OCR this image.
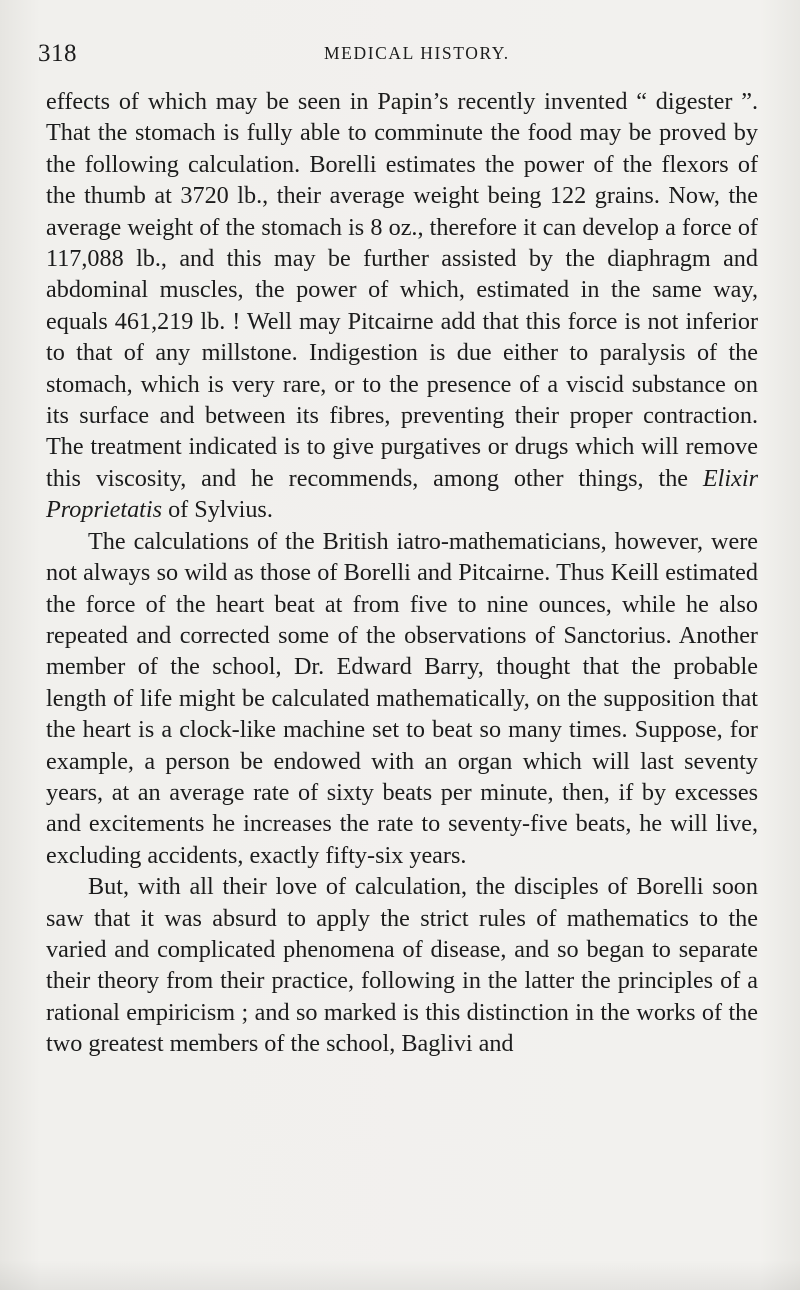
318	MEDICAL HISTORY.

effects of which may be seen in Papin’s recently invented “ digester ”. That the stomach is fully able to comminute the food may be proved by the following calculation. Borelli estimates the power of the flexors of the thumb at 3720 lb., their average weight being 122 grains. Now, the average weight of the stomach is 8 oz., therefore it can develop a force of 117,088 lb., and this may be further assisted by the diaphragm and abdominal muscles, the power of which, estimated in the same way, equals 461,219 lb. ! Well may Pitcairne add that this force is not inferior to that of any millstone. Indigestion is due either to paralysis of the stomach, which is very rare, or to the presence of a viscid substance on its surface and between its fibres, preventing their proper contraction. The treatment indicated is to give purgatives or drugs which will remove this viscosity, and he recommends, among other things, the Elixir Proprietatis of Sylvius.

The calculations of the British iatro-mathematicians, however, were not always so wild as those of Borelli and Pitcairne. Thus Keill estimated the force of the heart beat at from five to nine ounces, while he also repeated and corrected some of the observations of Sanctorius. Another member of the school, Dr. Edward Barry, thought that the probable length of life might be calculated mathematically, on the supposition that the heart is a clock-like machine set to beat so many times. Suppose, for example, a person be endowed with an organ which will last seventy years, at an average rate of sixty beats per minute, then, if by excesses and excitements he increases the rate to seventy-five beats, he will live, excluding accidents, exactly fifty-six years.

But, with all their love of calculation, the disciples of Borelli soon saw that it was absurd to apply the strict rules of mathematics to the varied and complicated phenomena of disease, and so began to separate their theory from their practice, following in the latter the principles of a rational empiricism ; and so marked is this distinction in the works of the two greatest members of the school, Baglivi and
